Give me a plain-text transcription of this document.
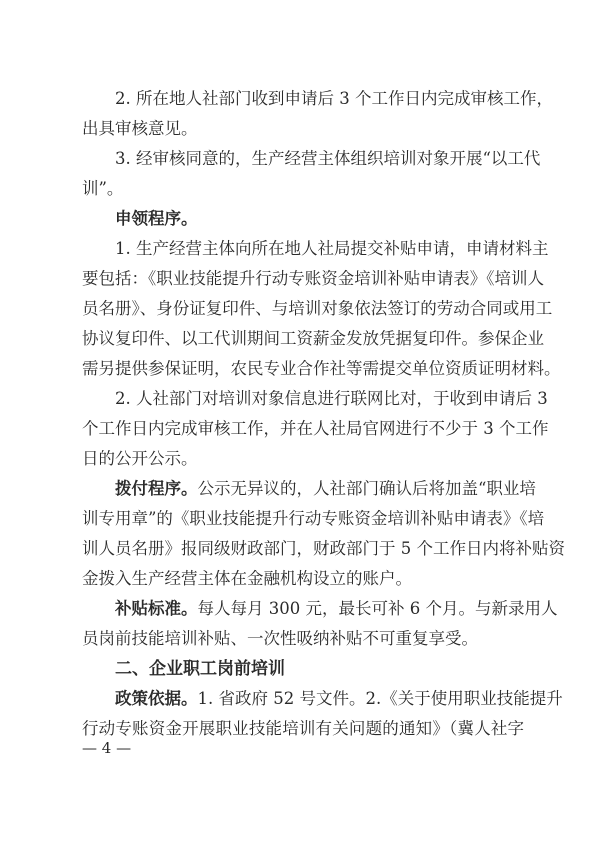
2. 所在地人社部门收到申请后 3 个工作日内完成审核工作，
出具审核意见。
3. 经审核同意的，生产经营主体组织培训对象开展“以工代
训”。
申领程序。
1. 生产经营主体向所在地人社局提交补贴申请，申请材料主
要包括：《职业技能提升行动专账资金培训补贴申请表》《培训人
员名册》、身份证复印件、与培训对象依法签订的劳动合同或用工
协议复印件、以工代训期间工资薪金发放凭据复印件。参保企业
需另提供参保证明，农民专业合作社等需提交单位资质证明材料。
2. 人社部门对培训对象信息进行联网比对，于收到申请后 3
个工作日内完成审核工作，并在人社局官网进行不少于 3 个工作
日的公开公示。
拨付程序。公示无异议的，人社部门确认后将加盖“职业培
训专用章”的《职业技能提升行动专账资金培训补贴申请表》《培
训人员名册》报同级财政部门，财政部门于 5 个工作日内将补贴资
金拨入生产经营主体在金融机构设立的账户。
补贴标准。每人每月 300 元，最长可补 6 个月。与新录用人
员岗前技能培训补贴、一次性吸纳补贴不可重复享受。
二、企业职工岗前培训
政策依据。1. 省政府 52 号文件。2.《关于使用职业技能提升
行动专账资金开展职业技能培训有关问题的通知》（冀人社字
— 4 —
